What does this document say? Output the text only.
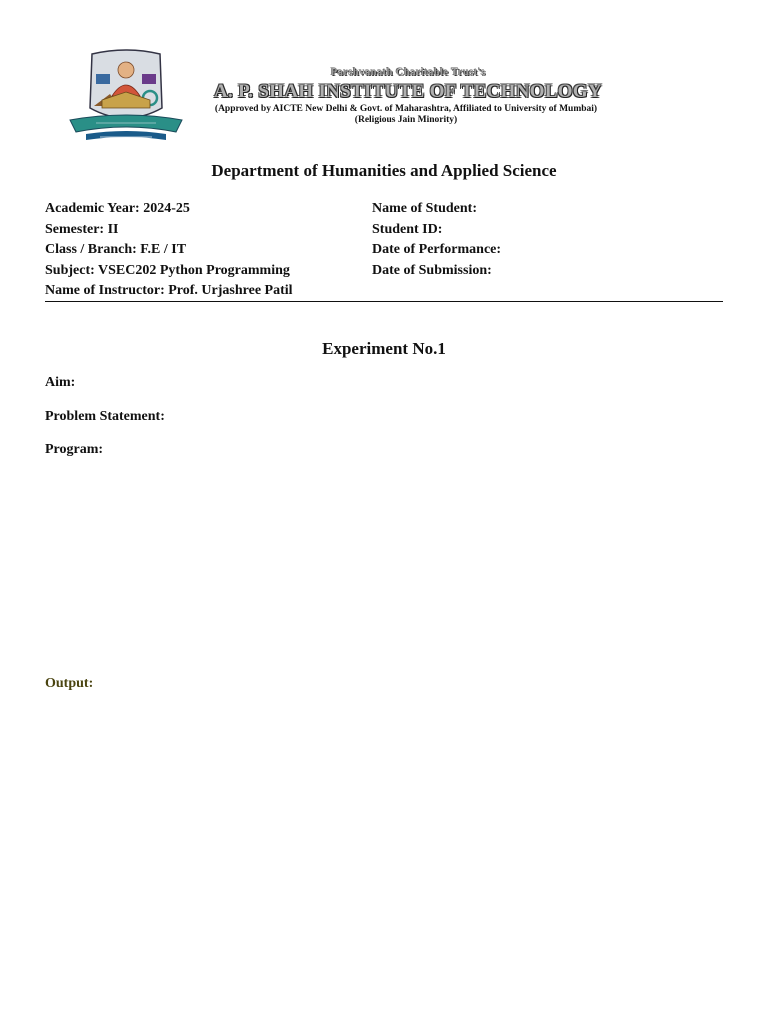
Parshvanath Charitable Trust's
A. P. SHAH INSTITUTE OF TECHNOLOGY
(Approved by AICTE New Delhi & Govt. of Maharashtra, Affiliated to University of Mumbai)
(Religious Jain Minority)
Department of Humanities and Applied Science
Academic Year: 2024-25
Semester: II
Class / Branch: F.E / IT
Subject: VSEC202 Python Programming
Name of Instructor: Prof. Urjashree Patil
Name of Student:
Student ID:
Date of Performance:
Date of Submission:
Experiment No.1
Aim:
Problem Statement:
Program:
Output:
